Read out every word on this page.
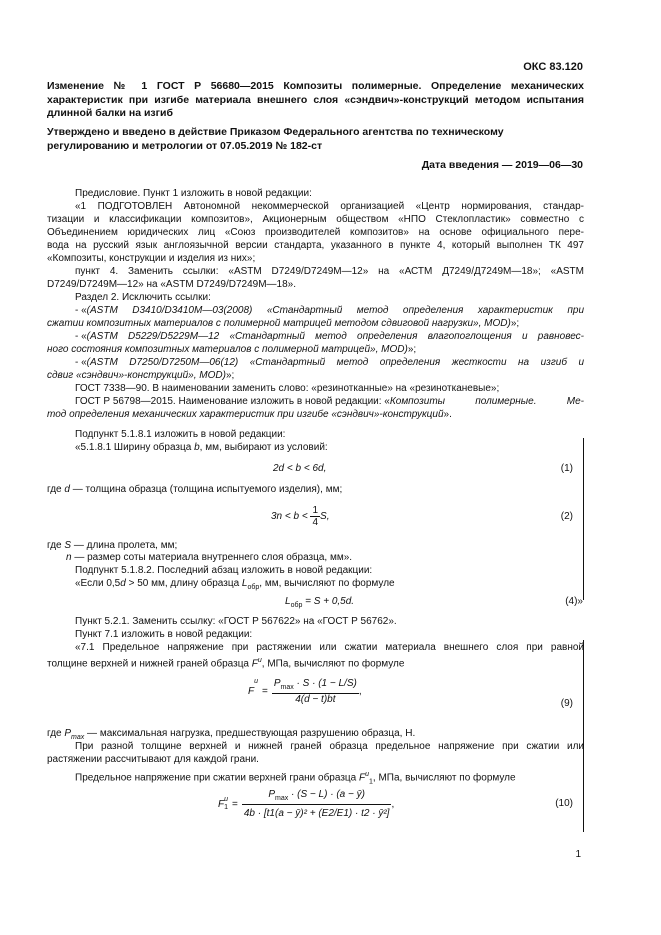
ОКС 83.120
Изменение № 1 ГОСТ Р 56680—2015 Композиты полимерные. Определение механических характеристик при изгибе материала внешнего слоя «сэндвич»-конструкций методом испытания длинной балки на изгиб
Утверждено и введено в действие Приказом Федерального агентства по техническому регулированию и метрологии от 07.05.2019 № 182-ст
Дата введения — 2019—06—30
Предисловие. Пункт 1 изложить в новой редакции:
«1 ПОДГОТОВЛЕН Автономной некоммерческой организацией «Центр нормирования, стандар-
тизации и классификации композитов», Акционерным обществом «НПО Стеклопластик» совместно с
Объединением юридических лиц «Союз производителей композитов» на основе официального пере-
вода на русский язык англоязычной версии стандарта, указанного в пункте 4, который выполнен ТК 497
«Композиты, конструкции и изделия из них»;
пункт 4. Заменить ссылки: «ASTM D7249/D7249M—12» на «АСТМ Д7249/Д7249М—18»; «ASTM
D7249/D7249M—12» на «ASTM D7249/D7249M—18».
Раздел 2. Исключить ссылки:
- « (ASTM D3410/D3410M—03(2008) «Стандартный метод определения характеристик при
сжатии композитных материалов с полимерной матрицей методом сдвиговой нагрузки», MOD)»;
- « (ASTM D5229/D5229M—12 «Стандартный метод определения влагопоглощения и равновес-
ного состояния композитных материалов с полимерной матрицей», MOD)»;
- « (ASTM D7250/D7250M—06(12) «Стандартный метод определения жесткости на изгиб и
сдвиг «сэндвич»-конструкций», MOD)»;
ГОСТ 7338—90. В наименовании заменить слово: «резинотканные» на «резинотканевые»;
ГОСТ Р 56798—2015. Наименование изложить в новой редакции: « Композиты полимерные. Ме-
тод определения механических характеристик при изгибе «сэндвич»-конструкций».
Подпункт 5.1.8.1 изложить в новой редакции:
«5.1.8.1 Ширину образца b, мм, выбирают из условий:
2d < b < 6d,	(1)
где d — толщина образца (толщина испытуемого изделия), мм;
$3n < b < \frac{1}{4} S$,	(2)
где S — длина пролета, мм;
n — размер соты материала внутреннего слоя образца, мм».
Подпункт 5.1.8.2. Последний абзац изложить в новой редакции:
«Если 0,5d > 50 мм, длину образца $L_{обр}$, мм, вычисляют по формуле
$L_{обр} = S + 0,5d$.	(4)»
Пункт 5.2.1. Заменить ссылку: «ГОСТ Р 567622» на «ГОСТ Р 56762».
Пункт 7.1 изложить в новой редакции:
«7.1 Предельное напряжение при растяжении или сжатии материала внешнего слоя при равной
толщине верхней и нижней граней образца $F^u$, МПа, вычисляют по формуле
F
u
= $\frac{P_{max} \cdot S \cdot (1 - L/S)}{4(d - t)bt}$ ,
(9)
где $P_{max}$ — максимальная нагрузка, предшествующая разрушению образца, Н.
При разной толщине верхней и нижней граней образца предельное напряжение при сжатии или
растяжении рассчитывают для каждой грани.
Предельное напряжение при сжатии верхней грани образца $F^u_1$, МПа, вычисляют по формуле
F u
$1 = \frac{P_{max} \cdot (S - L) \cdot (a - ȳ)}{\text{4b · [t1(a − ȳ)² + (E2/E1) · t2 · ȳ²]}}$ ,	(10)
1
